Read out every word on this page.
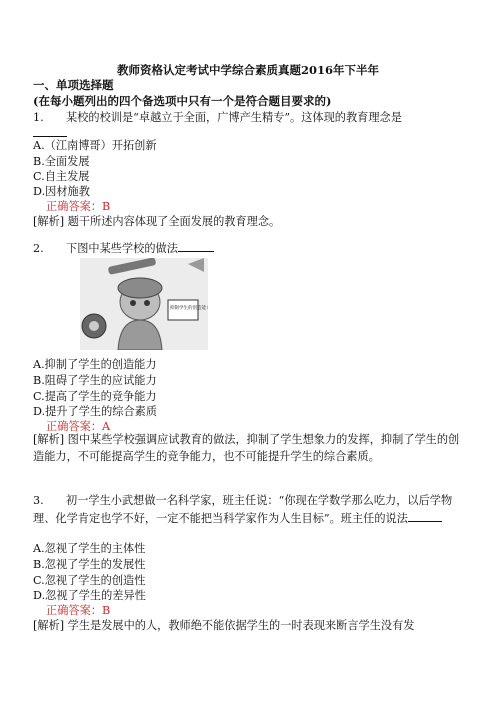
教师资格认定考试中学综合素质真题2016年下半年
一、单项选择题
(在每小题列出的四个备选项中只有一个是符合题目要求的)
1.　　某校的校训是“卓越立于全面，广博产生精专”。这体现的教育理念是
A.（江南博哥）开拓创新
B.全面发展
C.自主发展
D.因材施教
正确答案：B
[解析] 题干所述内容体现了全面发展的教育理念。
2.　　下图中某些学校的做法
抑制学生的创造能力
A.抑制了学生的创造能力
B.阻碍了学生的应试能力
C.提高了学生的竞争能力
D.提升了学生的综合素质
正确答案：A
[解析] 图中某些学校强调应试教育的做法，抑制了学生想象力的发挥，抑制了学生的创造能力，不可能提高学生的竞争能力，也不可能提升学生的综合素质。
3.　　初一学生小武想做一名科学家，班主任说：“你现在学数学那么吃力，以后学物理、化学肯定也学不好，一定不能把当科学家作为人生目标”。班主任的说法
A.忽视了学生的主体性
B.忽视了学生的发展性
C.忽视了学生的创造性
D.忽视了学生的差异性
正确答案：B
[解析] 学生是发展中的人，教师绝不能依据学生的一时表现来断言学生没有发
